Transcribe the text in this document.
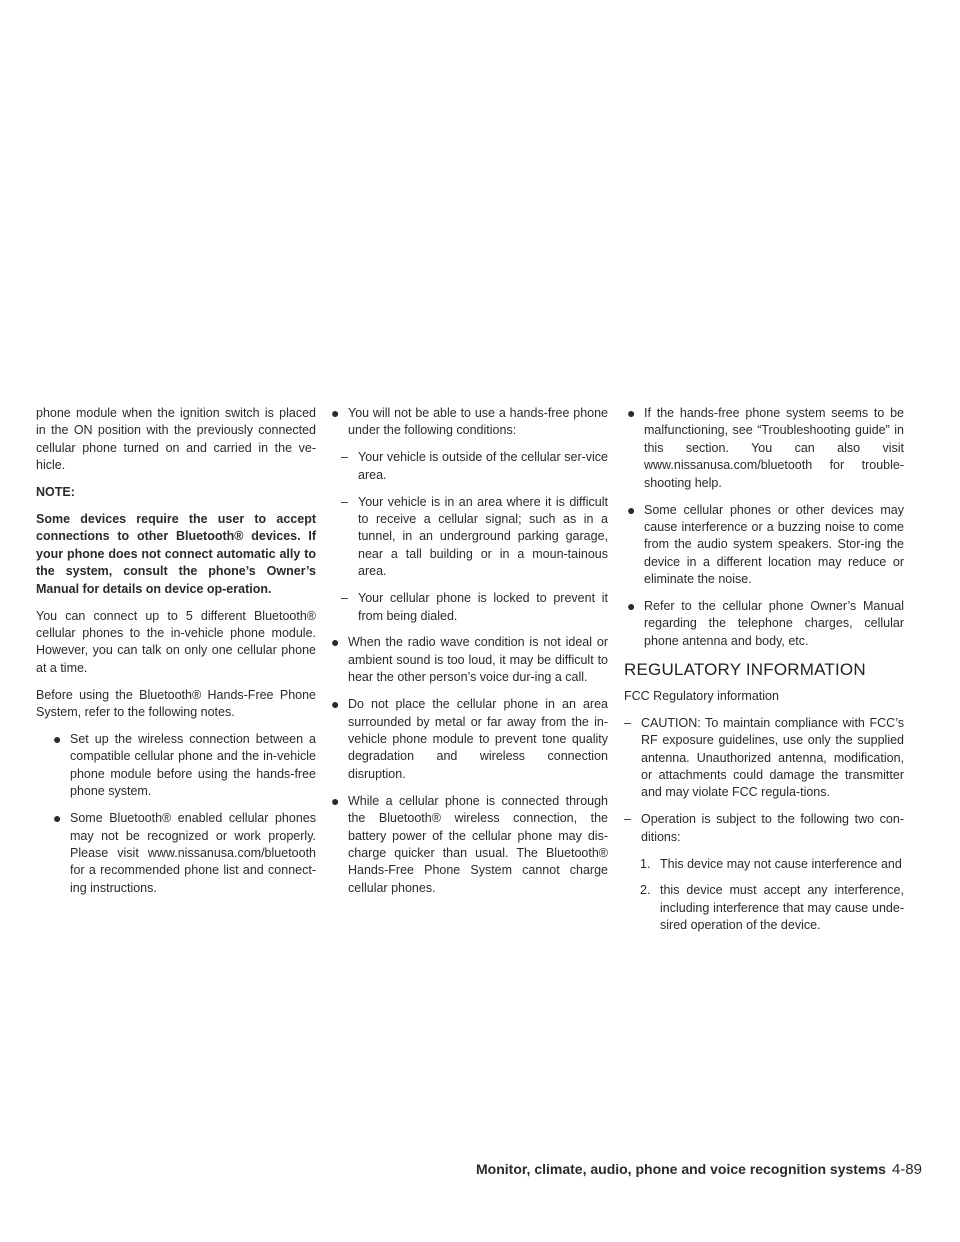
phone module when the ignition switch is placed in the ON position with the previously connected cellular phone turned on and carried in the ve-hicle.

NOTE:

Some devices require the user to accept connections to other Bluetooth® devices. If your phone does not connect automatic ally to the system, consult the phone’s Owner’s Manual for details on device op-eration.

You can connect up to 5 different Bluetooth® cellular phones to the in-vehicle phone module. However, you can talk on only one cellular phone at a time.

Before using the Bluetooth® Hands-Free Phone System, refer to the following notes.

● Set up the wireless connection between a compatible cellular phone and the in-vehicle phone module before using the hands-free phone system.
● Some Bluetooth® enabled cellular phones may not be recognized or work properly. Please visit www.nissanusa.com/bluetooth for a recommended phone list and connect-ing instructions.
● You will not be able to use a hands-free phone under the following conditions:
– Your vehicle is outside of the cellular ser-vice area.
– Your vehicle is in an area where it is difficult to receive a cellular signal; such as in a tunnel, in an underground parking garage, near a tall building or in a moun-tainous area.
– Your cellular phone is locked to prevent it from being dialed.
● When the radio wave condition is not ideal or ambient sound is too loud, it may be difficult to hear the other person’s voice dur-ing a call.
● Do not place the cellular phone in an area surrounded by metal or far away from the in-vehicle phone module to prevent tone quality degradation and wireless connection disruption.
● While a cellular phone is connected through the Bluetooth® wireless connection, the battery power of the cellular phone may dis-charge quicker than usual. The Bluetooth® Hands-Free Phone System cannot charge cellular phones.
● If the hands-free phone system seems to be malfunctioning, see “Troubleshooting guide” in this section. You can also visit www.nissanusa.com/bluetooth for trouble-shooting help.
● Some cellular phones or other devices may cause interference or a buzzing noise to come from the audio system speakers. Stor-ing the device in a different location may reduce or eliminate the noise.
● Refer to the cellular phone Owner’s Manual regarding the telephone charges, cellular phone antenna and body, etc.
REGULATORY INFORMATION

FCC Regulatory information

– CAUTION: To maintain compliance with FCC’s RF exposure guidelines, use only the supplied antenna. Unauthorized antenna, modification, or attachments could damage the transmitter and may violate FCC regula-tions.
– Operation is subject to the following two con-ditions:
1. This device may not cause interference and
2. this device must accept any interference, including interference that may cause unde-sired operation of the device.
Monitor, climate, audio, phone and voice recognition systems 4-89
